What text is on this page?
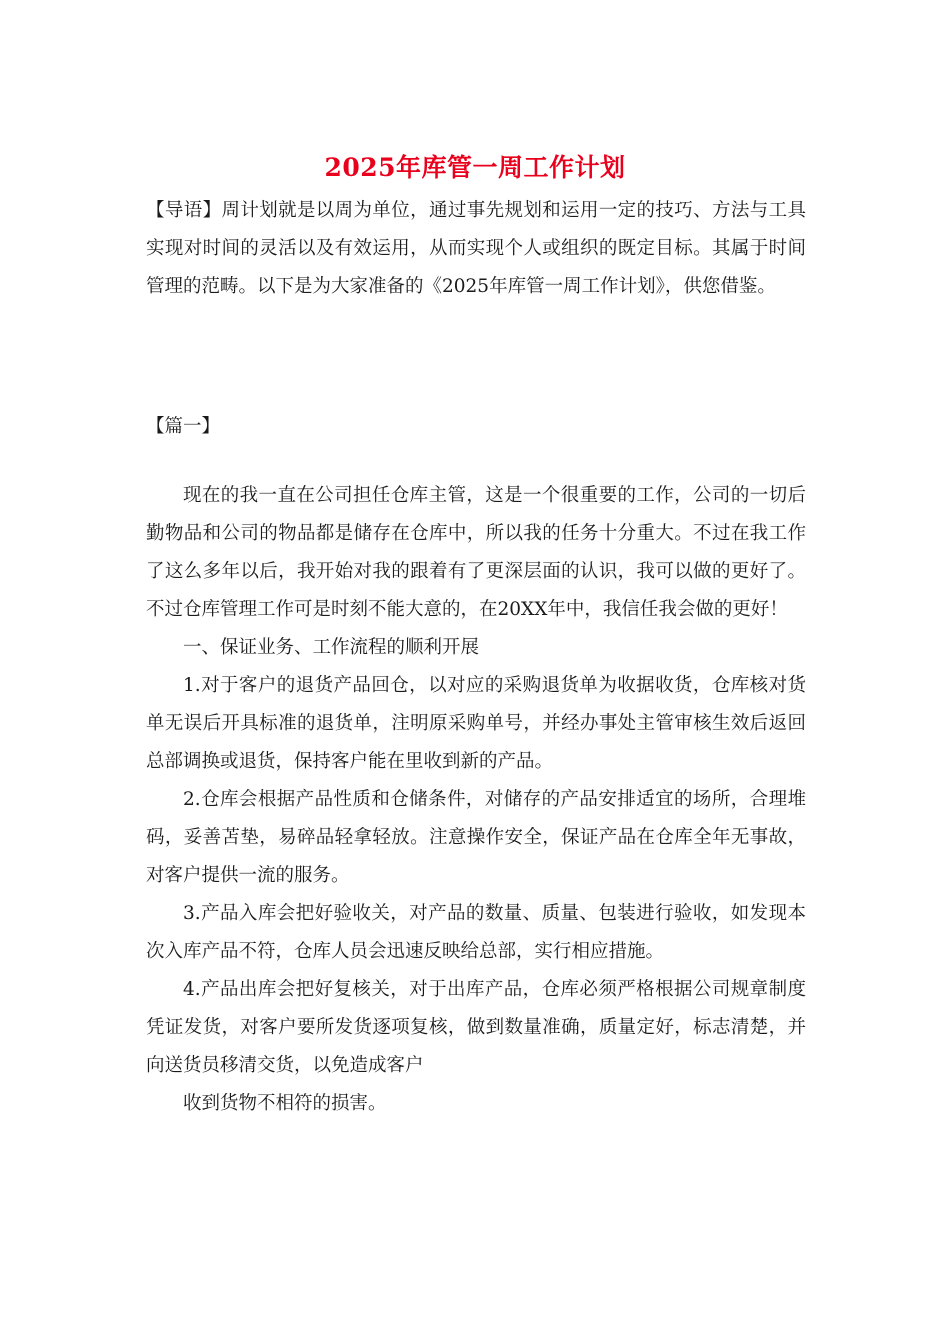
2025年库管一周工作计划
【导语】周计划就是以周为单位，通过事先规划和运用一定的技巧、方法与工具实现对时间的灵活以及有效运用，从而实现个人或组织的既定目标。其属于时间管理的范畴。以下是为大家准备的《2025年库管一周工作计划》，供您借鉴。
【篇一】

现在的我一直在公司担任仓库主管，这是一个很重要的工作，公司的一切后勤物品和公司的物品都是储存在仓库中，所以我的任务十分重大。不过在我工作了这么多年以后，我开始对我的跟着有了更深层面的认识，我可以做的更好了。不过仓库管理工作可是时刻不能大意的，在20XX年中，我信任我会做的更好！

一、保证业务、工作流程的顺利开展

1.对于客户的退货产品回仓，以对应的采购退货单为收据收货，仓库核对货单无误后开具标准的退货单，注明原采购单号，并经办事处主管审核生效后返回总部调换或退货，保持客户能在里收到新的产品。

2.仓库会根据产品性质和仓储条件，对储存的产品安排适宜的场所，合理堆码，妥善苫垫，易碎品轻拿轻放。注意操作安全，保证产品在仓库全年无事故，对客户提供一流的服务。

3.产品入库会把好验收关，对产品的数量、质量、包装进行验收，如发现本次入库产品不符，仓库人员会迅速反映给总部，实行相应措施。

4.产品出库会把好复核关，对于出库产品，仓库必须严格根据公司规章制度凭证发货，对客户要所发货逐项复核，做到数量准确，质量定好，标志清楚，并向送货员移清交货，以免造成客户

收到货物不相符的损害。
